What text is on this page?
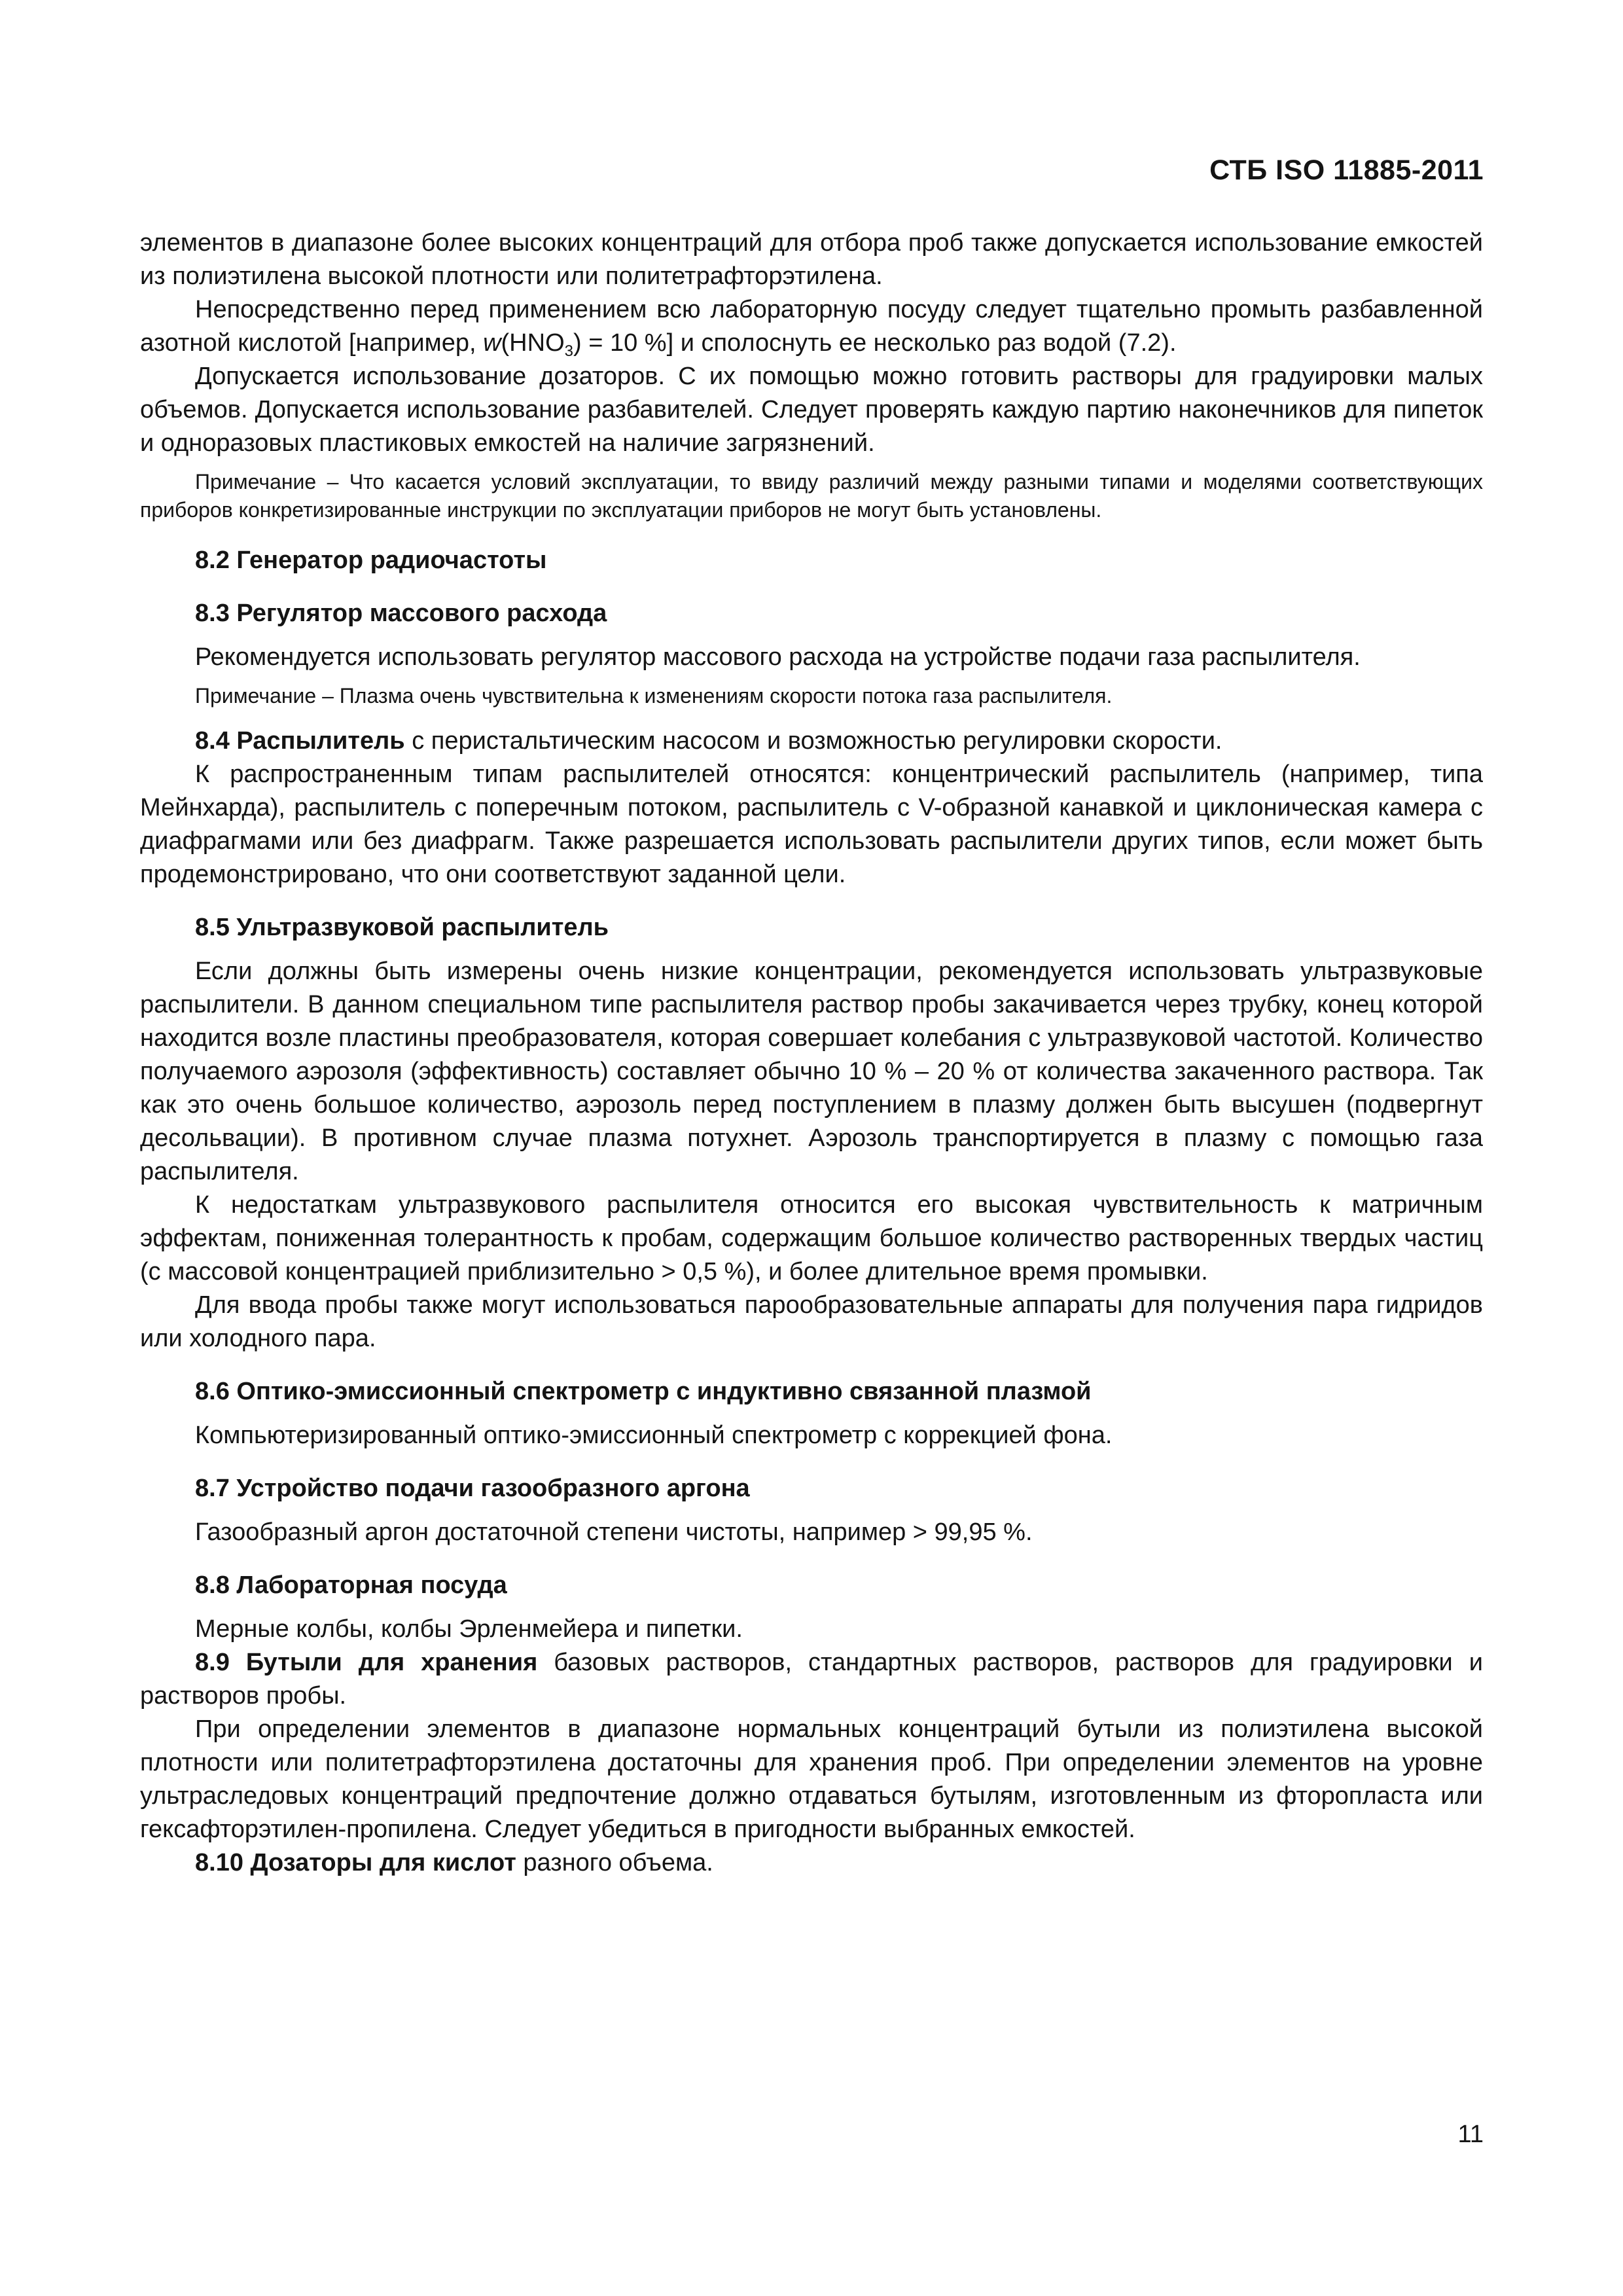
СТБ ISO 11885-2011

элементов в диапазоне более высоких концентраций для отбора проб также допускается использование емкостей из полиэтилена высокой плотности или политетрафторэтилена.

Непосредственно перед применением всю лабораторную посуду следует тщательно промыть разбавленной азотной кислотой [например, $w(HNO_3) = 10$ %] и сполоснуть ее несколько раз водой (7.2).

Допускается использование дозаторов. С их помощью можно готовить растворы для градуировки малых объемов. Допускается использование разбавителей. Следует проверять каждую партию наконечников для пипеток и одноразовых пластиковых емкостей на наличие загрязнений.

Примечание – Что касается условий эксплуатации, то ввиду различий между разными типами и моделями соответствующих приборов конкретизированные инструкции по эксплуатации приборов не могут быть установлены.

8.2 Генератор радиочастоты

8.3 Регулятор массового расхода

Рекомендуется использовать регулятор массового расхода на устройстве подачи газа распылителя.

Примечание – Плазма очень чувствительна к изменениям скорости потока газа распылителя.

8.4 Распылитель с перистальтическим насосом и возможностью регулировки скорости.

К распространенным типам распылителей относятся: концентрический распылитель (например, типа Мейнхарда), распылитель с поперечным потоком, распылитель с V-образной канавкой и циклоническая камера с диафрагмами или без диафрагм. Также разрешается использовать распылители других типов, если может быть продемонстрировано, что они соответствуют заданной цели.

8.5 Ультразвуковой распылитель

Если должны быть измерены очень низкие концентрации, рекомендуется использовать ультразвуковые распылители. В данном специальном типе распылителя раствор пробы закачивается через трубку, конец которой находится возле пластины преобразователя, которая совершает колебания с ультразвуковой частотой. Количество получаемого аэрозоля (эффективность) составляет обычно 10 % – 20 % от количества закаченного раствора. Так как это очень большое количество, аэрозоль перед поступлением в плазму должен быть высушен (подвергнут десольвации). В противном случае плазма потухнет. Аэрозоль транспортируется в плазму с помощью газа распылителя.

К недостаткам ультразвукового распылителя относится его высокая чувствительность к матричным эффектам, пониженная толерантность к пробам, содержащим большое количество растворенных твердых частиц (с массовой концентрацией приблизительно > 0,5 %), и более длительное время промывки.

Для ввода пробы также могут использоваться парообразовательные аппараты для получения пара гидридов или холодного пара.

8.6 Оптико-эмиссионный спектрометр с индуктивно связанной плазмой

Компьютеризированный оптико-эмиссионный спектрометр с коррекцией фона.

8.7 Устройство подачи газообразного аргона

Газообразный аргон достаточной степени чистоты, например > 99,95 %.

8.8 Лабораторная посуда

Мерные колбы, колбы Эрленмейера и пипетки.

8.9 Бутыли для хранения базовых растворов, стандартных растворов, растворов для градуировки и растворов пробы.

При определении элементов в диапазоне нормальных концентраций бутыли из полиэтилена высокой плотности или политетрафторэтилена достаточны для хранения проб. При определении элементов на уровне ультраследовых концентраций предпочтение должно отдаваться бутылям, изготовленным из фторопласта или гексафторэтилен-пропилена. Следует убедиться в пригодности выбранных емкостей.

8.10 Дозаторы для кислот разного объема.

11
